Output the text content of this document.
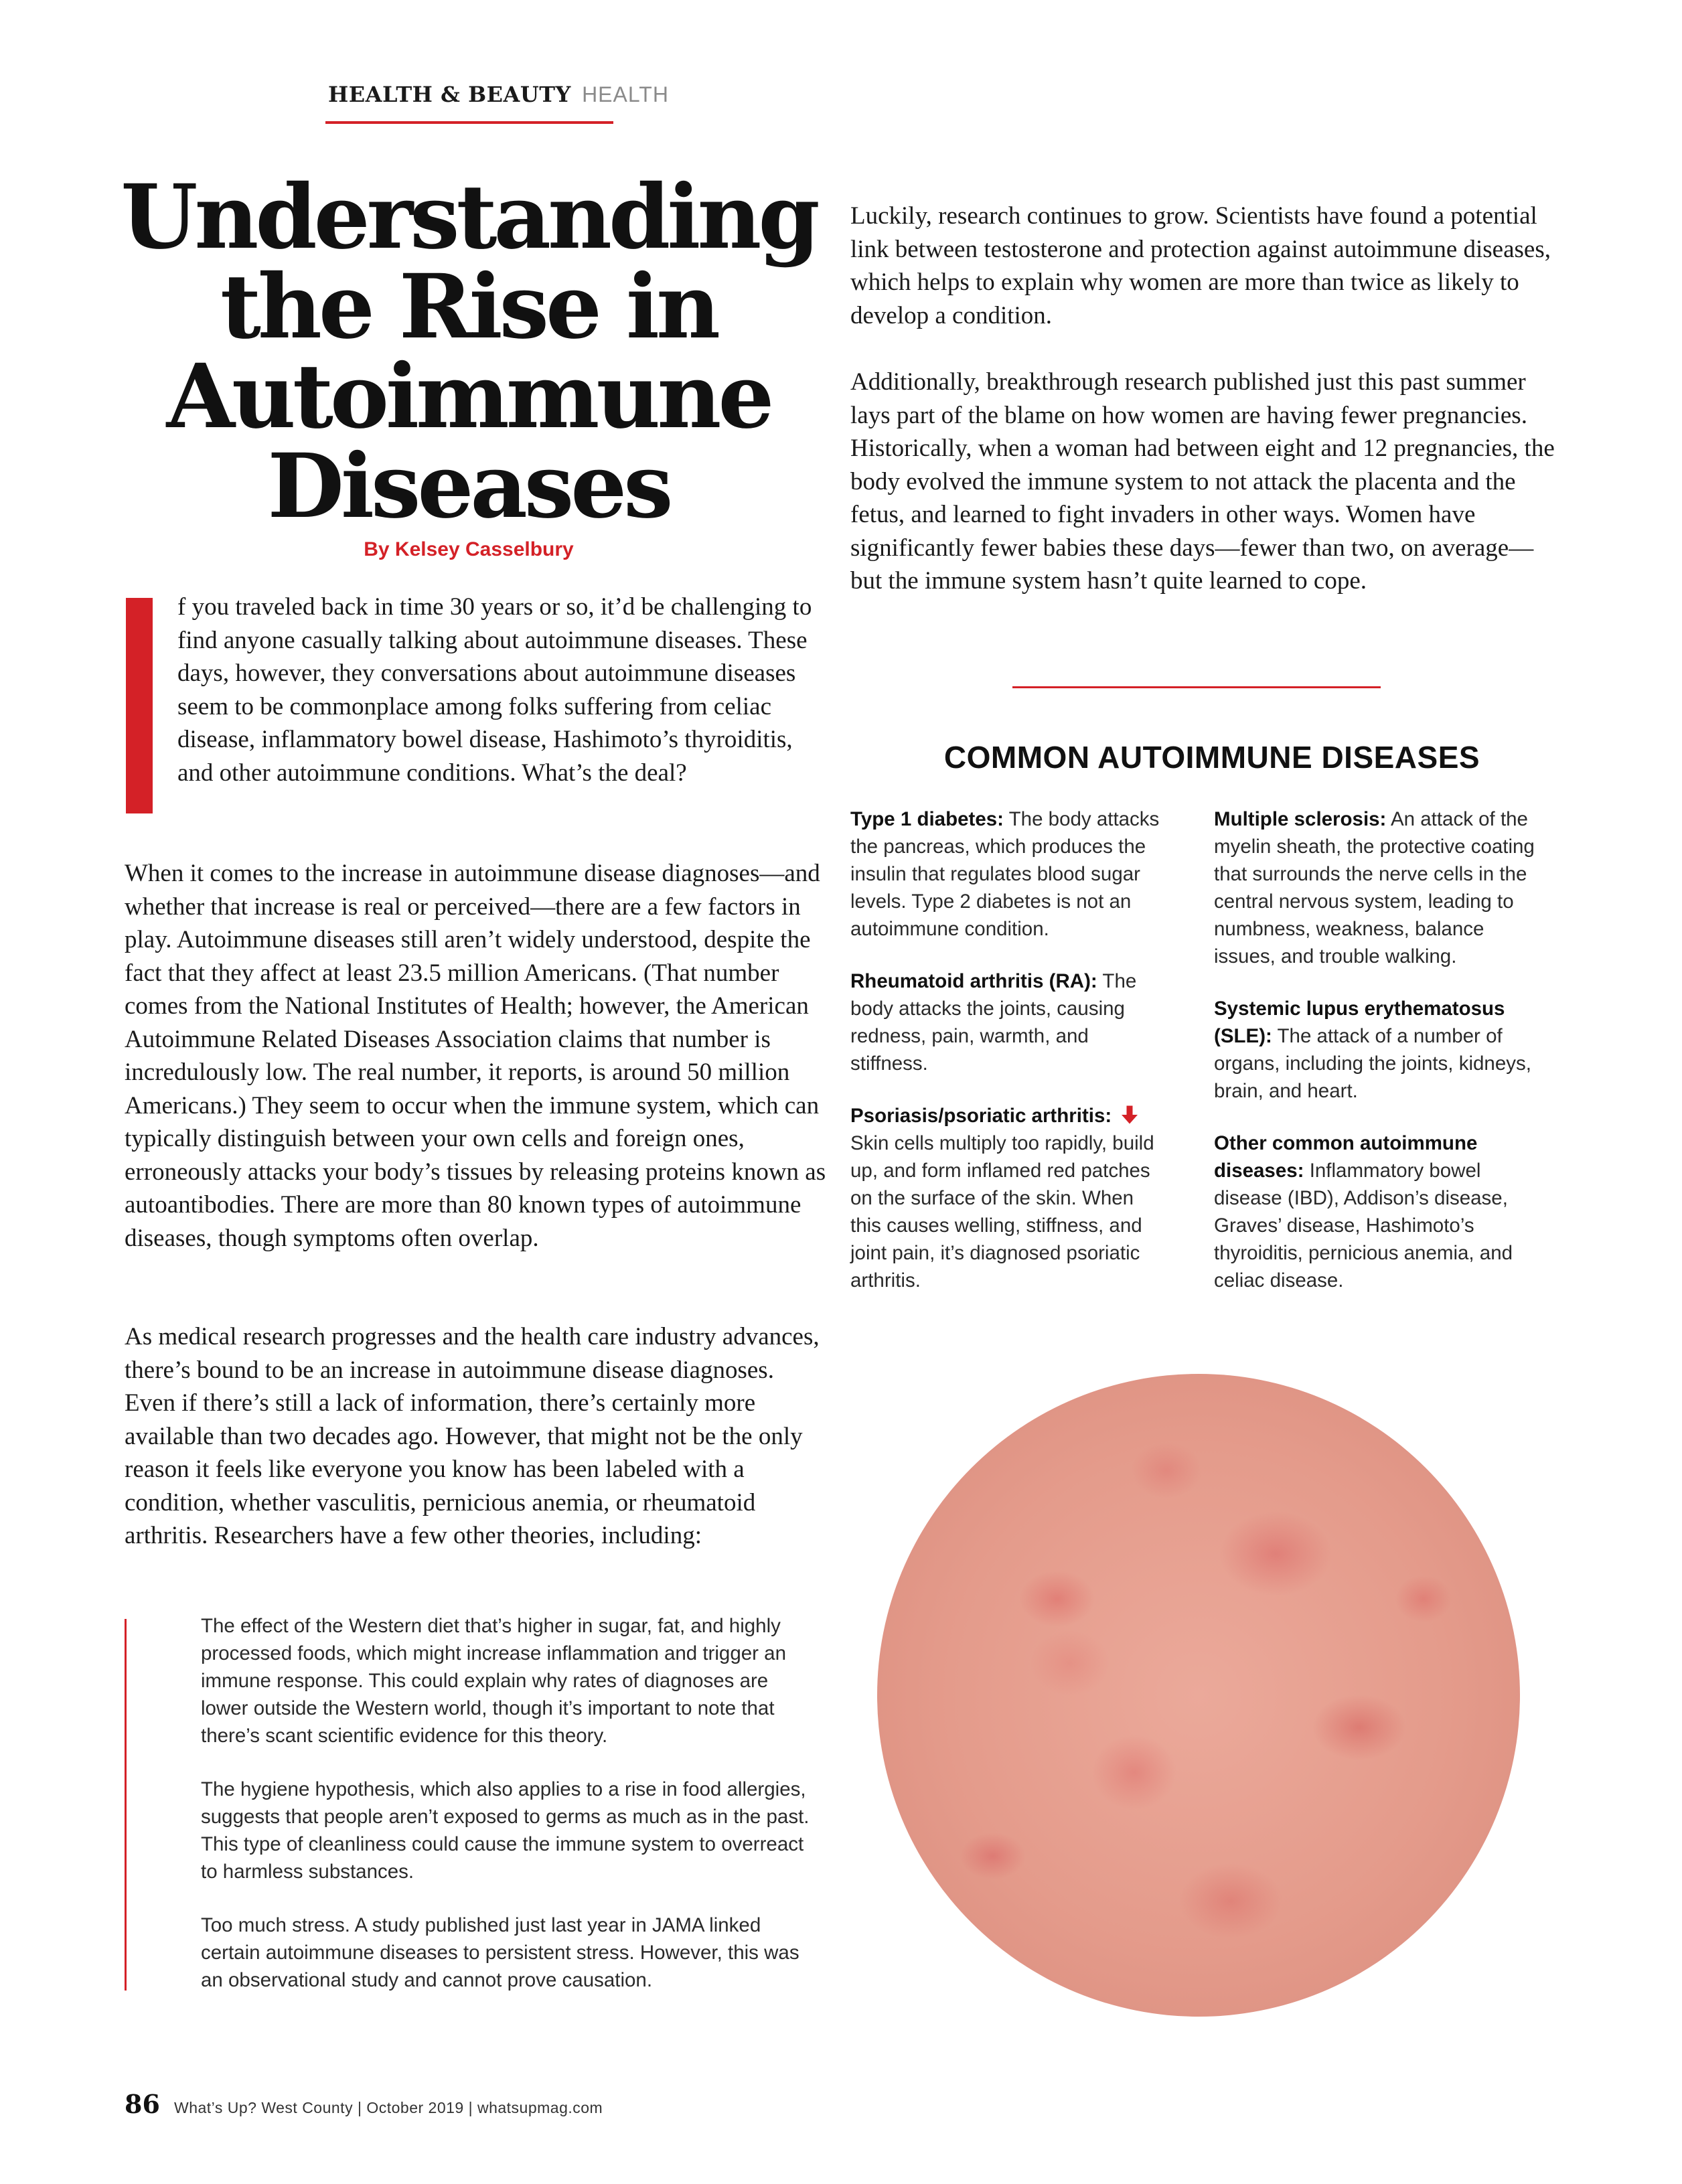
HEALTH & BEAUTY HEALTH
Understanding
the Rise in
Autoimmune
Diseases
By Kelsey Casselbury

f you traveled back in time 30 years or so, it’d be challenging to find anyone casually talking about autoimmune diseases. These days, however, they conversations about autoimmune diseases seem to be commonplace among folks suffering from celiac disease, inflammatory bowel disease, Hashimoto’s thyroiditis, and other autoimmune conditions. What’s the deal?

When it comes to the increase in autoimmune disease diagnoses—and whether that increase is real or perceived—there are a few factors in play. Autoimmune diseases still aren’t widely understood, despite the fact that they affect at least 23.5 million Americans. (That number comes from the National Institutes of Health; however, the American Autoimmune Related Diseases Association claims that number is incredulously low. The real number, it reports, is around 50 million Americans.) They seem to occur when the immune system, which can typically distinguish between your own cells and foreign ones, erroneously attacks your body’s tissues by releasing proteins known as autoantibodies. There are more than 80 known types of autoimmune diseases, though symptoms often overlap.

As medical research progresses and the health care industry advances, there’s bound to be an increase in autoimmune disease diagnoses. Even if there’s still a lack of information, there’s certainly more available than two decades ago. However, that might not be the only reason it feels like everyone you know has been labeled with a condition, whether vasculitis, pernicious anemia, or rheumatoid arthritis. Researchers have a few other theories, including:

The effect of the Western diet that’s higher in sugar, fat, and highly processed foods, which might increase inflammation and trigger an immune response. This could explain why rates of diagnoses are lower outside the Western world, though it’s important to note that there’s scant scientific evidence for this theory.

The hygiene hypothesis, which also applies to a rise in food allergies, suggests that people aren’t exposed to germs as much as in the past. This type of cleanliness could cause the immune system to overreact to harmless substances.

Too much stress. A study published just last year in JAMA linked certain autoimmune diseases to persistent stress. However, this was an observational study and cannot prove causation.

Luckily, research continues to grow. Scientists have found a potential link between testosterone and protection against autoimmune diseases, which helps to explain why women are more than twice as likely to develop a condition.

Additionally, breakthrough research published just this past summer lays part of the blame on how women are having fewer pregnancies. Historically, when a woman had between eight and 12 pregnancies, the body evolved the immune system to not attack the placenta and the fetus, and learned to fight invaders in other ways. Women have significantly fewer babies these days—fewer than two, on average—but the immune system hasn’t quite learned to cope.

COMMON AUTOIMMUNE DISEASES

Type 1 diabetes: The body attacks the pancreas, which produces the insulin that regulates blood sugar levels. Type 2 diabetes is not an autoimmune condition.

Rheumatoid arthritis (RA): The body attacks the joints, causing redness, pain, warmth, and stiffness.

Psoriasis/psoriatic arthritis:
Skin cells multiply too rapidly, build up, and form inflamed red patches on the surface of the skin. When this causes welling, stiffness, and joint pain, it’s diagnosed psoriatic arthritis.

Multiple sclerosis: An attack of the myelin sheath, the protective coating that surrounds the nerve cells in the central nervous system, leading to numbness, weakness, balance issues, and trouble walking.

Systemic lupus erythematosus (SLE): The attack of a number of organs, including the joints, kidneys, brain, and heart.

Other common autoimmune diseases: Inflammatory bowel disease (IBD), Addison’s disease, Graves’ disease, Hashimoto’s thyroiditis, pernicious anemia, and celiac disease.

86 What’s Up? West County | October 2019 | whatsupmag.com
